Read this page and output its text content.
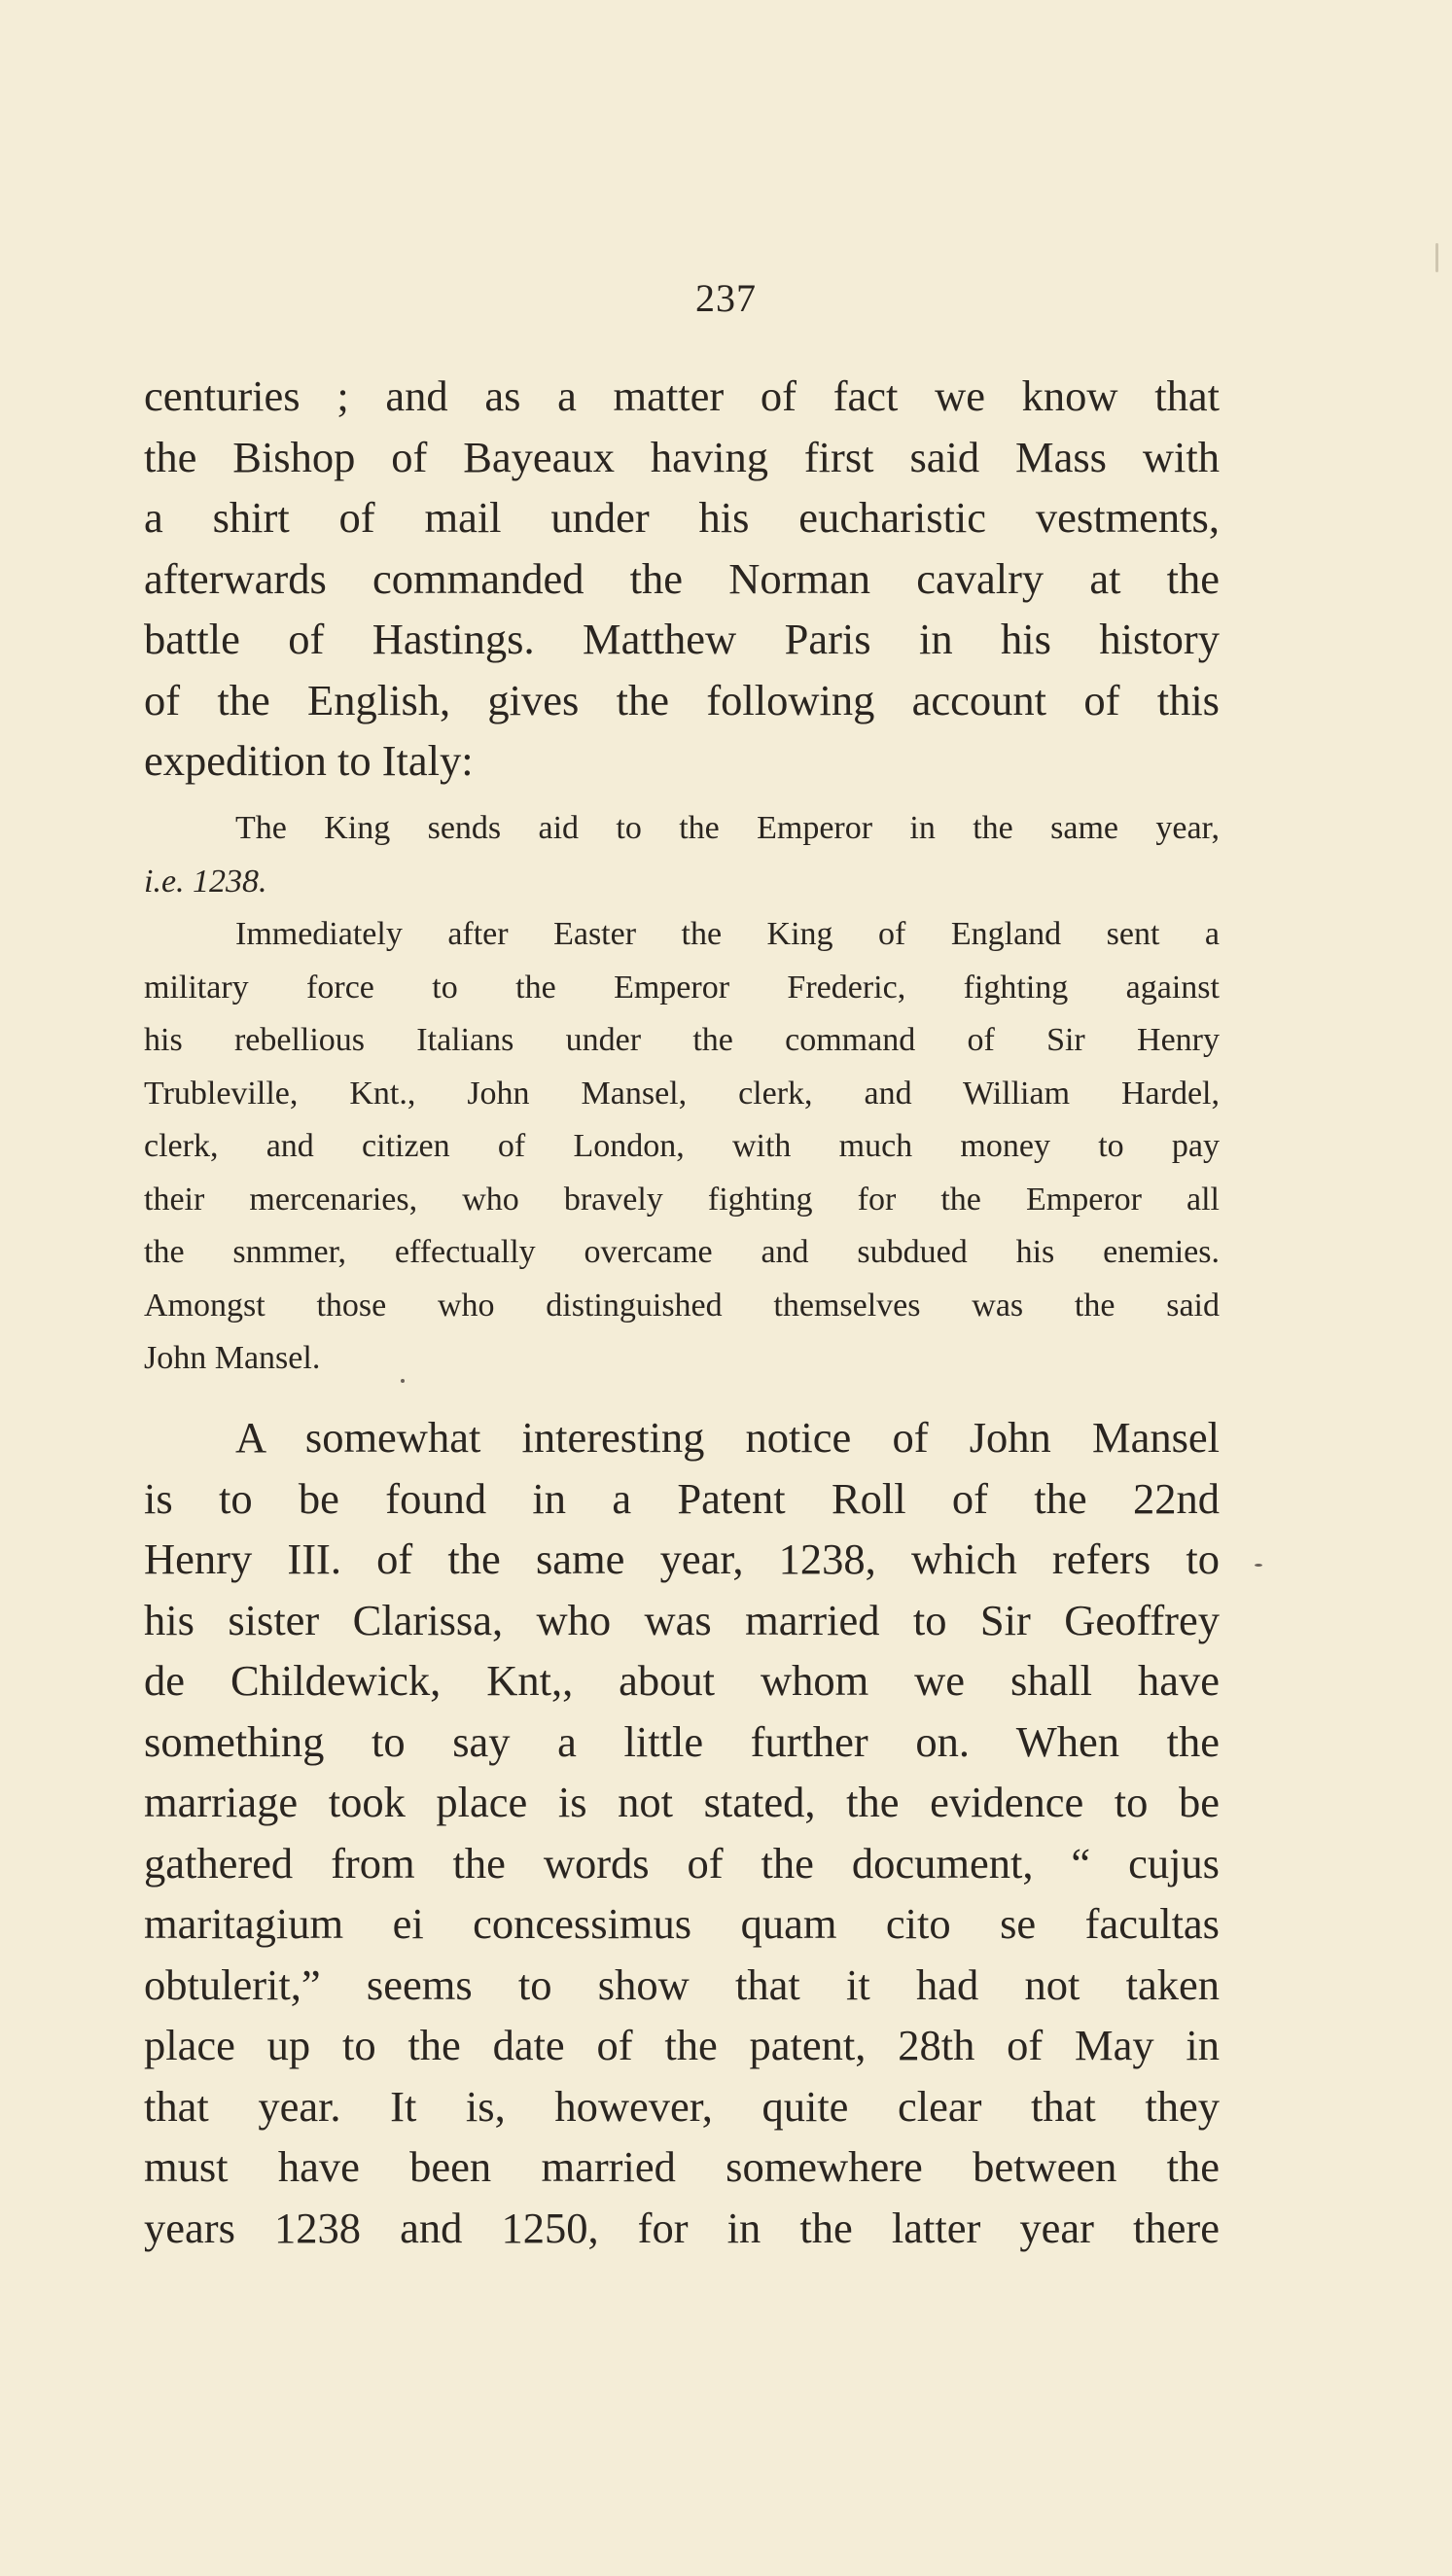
237
centuries ; and as a matter of fact we know that
the Bishop of Bayeaux having first said Mass with
a shirt of mail under his eucharistic vestments,
afterwards commanded the Norman cavalry at the
battle of Hastings. Matthew Paris in his history
of the English, gives the following account of this
expedition to Italy:
The King sends aid to the Emperor in the same year,
i.e. 1238.
Immediately after Easter the King of England sent a
military force to the Emperor Frederic, fighting against
his rebellious Italians under the command of Sir Henry
Trubleville, Knt., John Mansel, clerk, and William Hardel,
clerk, and citizen of London, with much money to pay
their mercenaries, who bravely fighting for the Emperor all
the snmmer, effectually overcame and subdued his enemies.
Amongst those who distinguished themselves was the said
John Mansel.
A somewhat interesting notice of John Mansel
is to be found in a Patent Roll of the 22nd
Henry III. of the same year, 1238, which refers to
his sister Clarissa, who was married to Sir Geoffrey
de Childewick, Knt,, about whom we shall have
something to say a little further on. When the
marriage took place is not stated, the evidence to be
gathered from the words of the document, “ cujus
maritagium ei concessimus quam cito se facultas
obtulerit,” seems to show that it had not taken
place up to the date of the patent, 28th of May in
that year. It is, however, quite clear that they
must have been married somewhere between the
years 1238 and 1250, for in the latter year there
